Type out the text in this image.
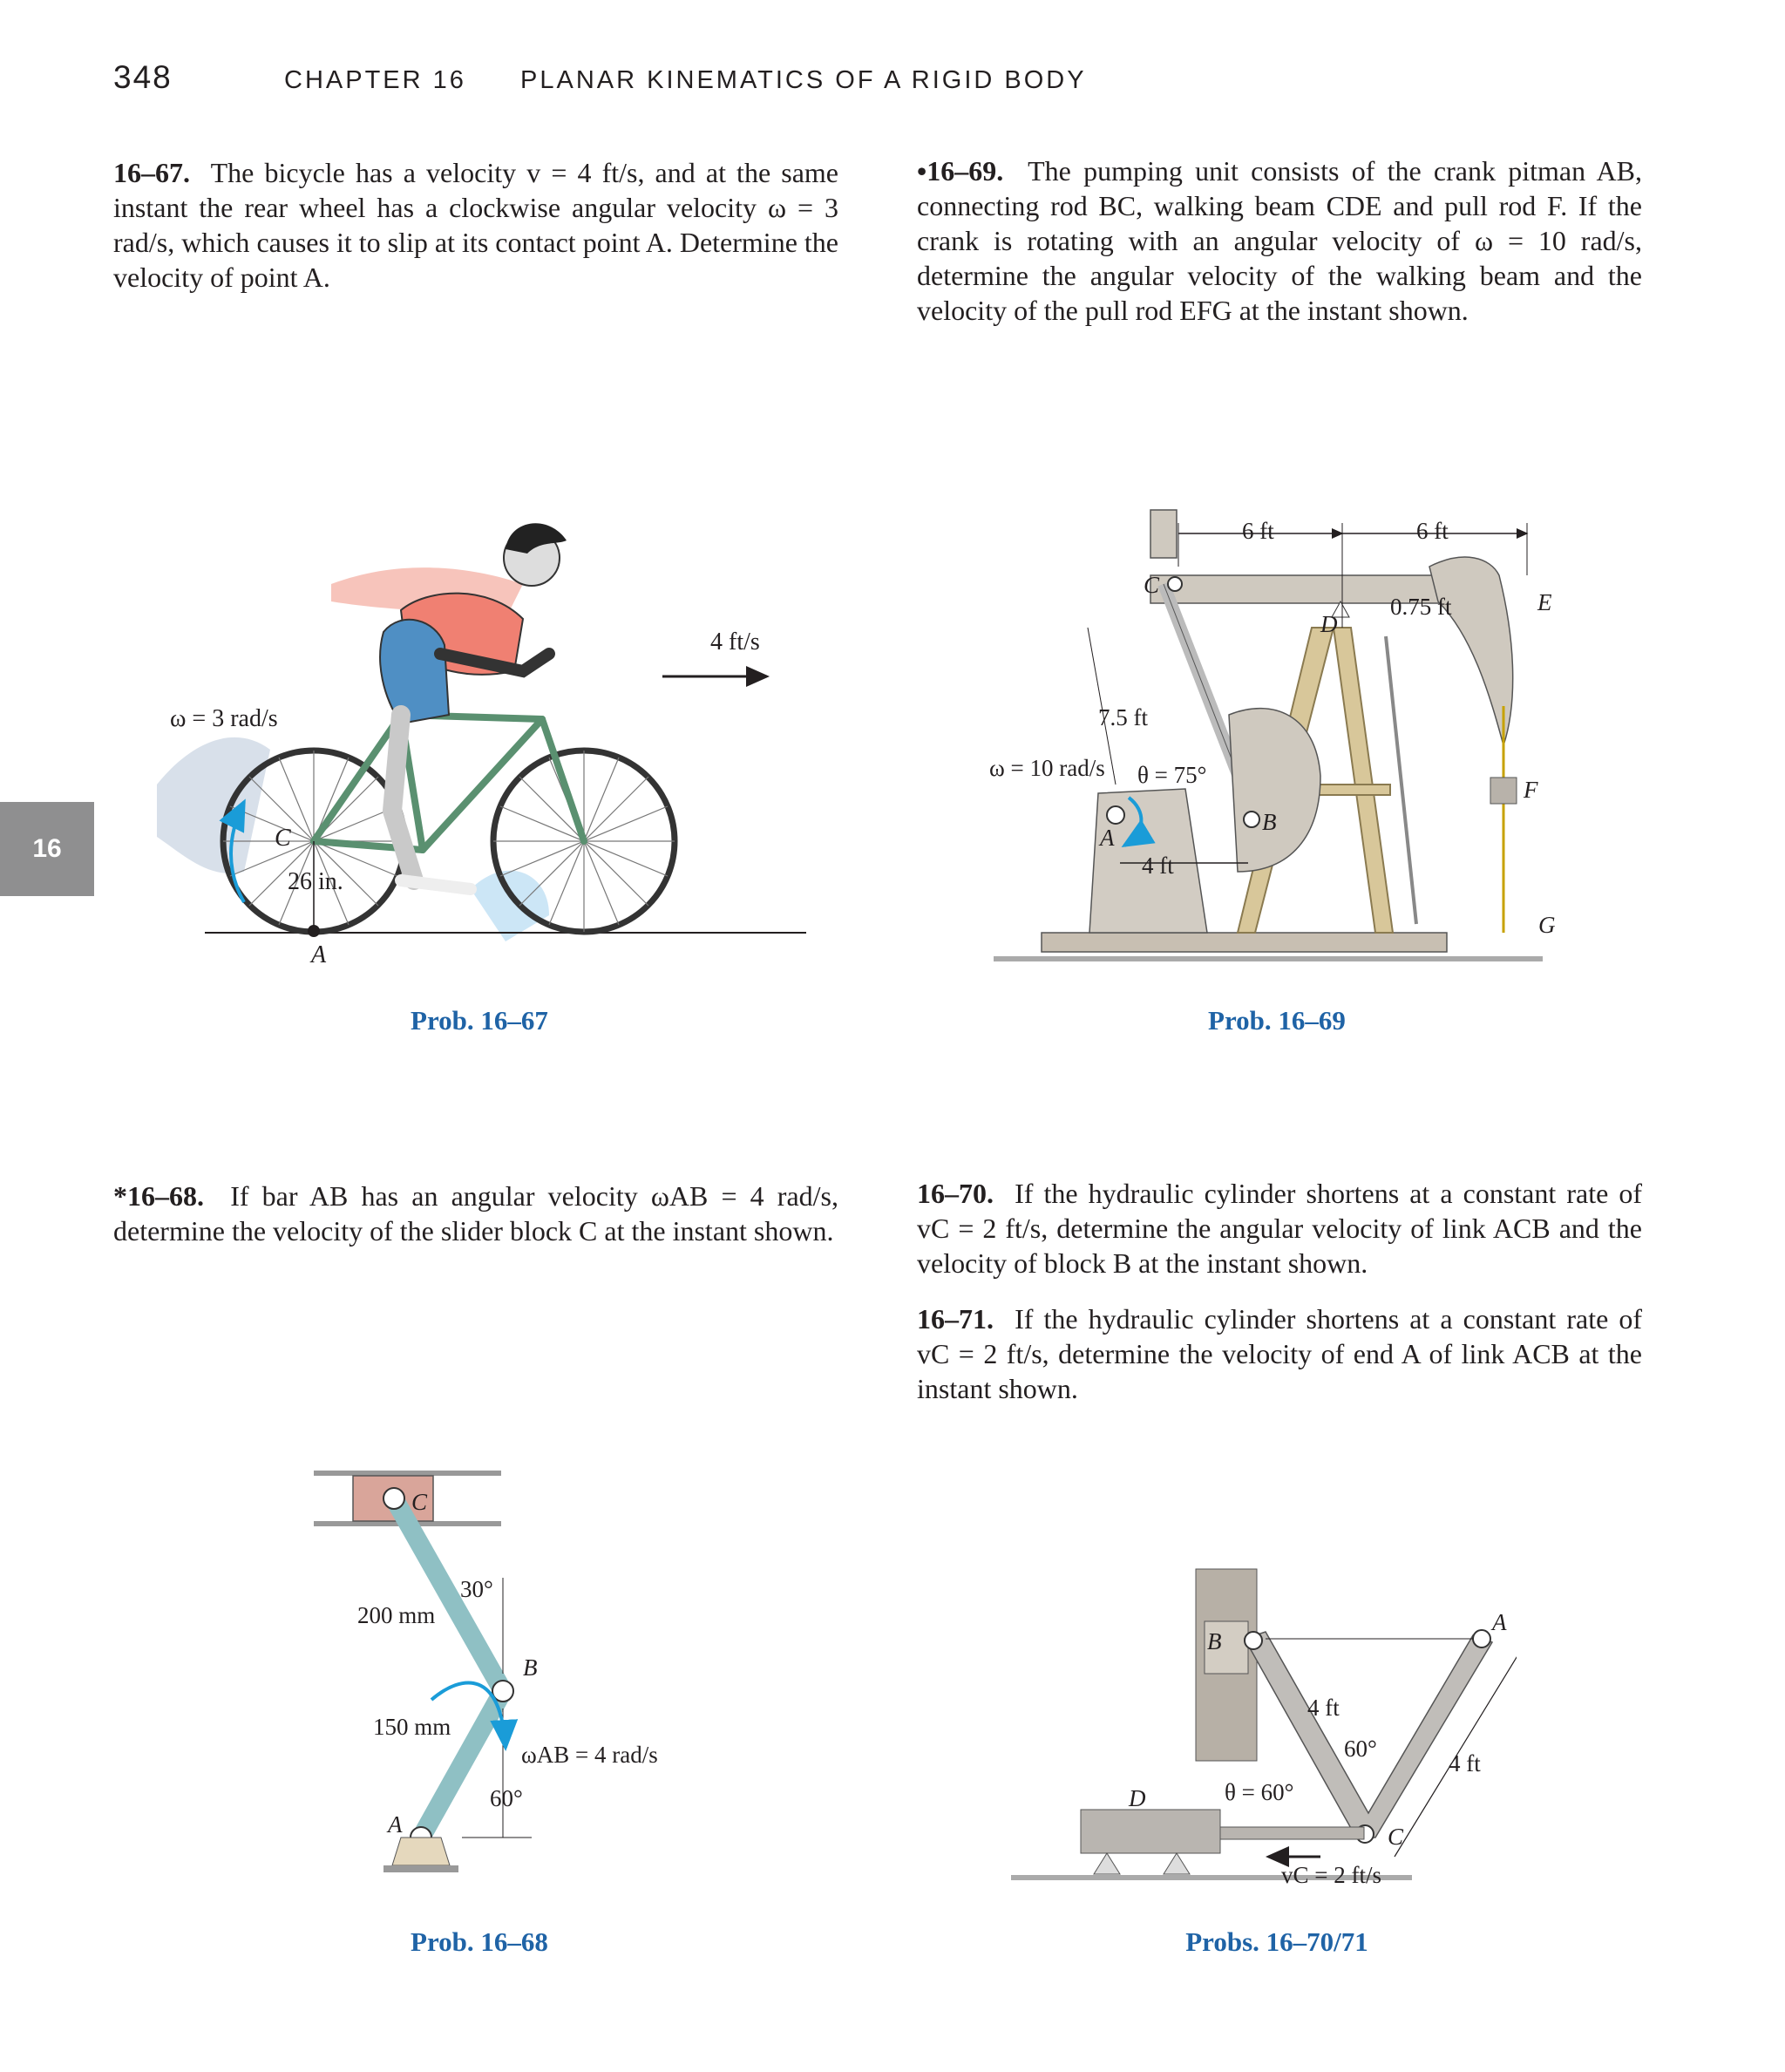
348	CHAPTER 16 PLANAR KINEMATICS OF A RIGID BODY
16
16–67. The bicycle has a velocity v = 4 ft/s, and at the same instant the rear wheel has a clockwise angular velocity ω = 3 rad/s, which causes it to slip at its contact point A. Determine the velocity of point A.
•16–69. The pumping unit consists of the crank pitman AB, connecting rod BC, walking beam CDE and pull rod F. If the crank is rotating with an angular velocity of ω = 10 rad/s, determine the angular velocity of the walking beam and the velocity of the pull rod EFG at the instant shown.
*16–68. If bar AB has an angular velocity ωAB = 4 rad/s, determine the velocity of the slider block C at the instant shown.
16–70. If the hydraulic cylinder shortens at a constant rate of vC = 2 ft/s, determine the angular velocity of link ACB and the velocity of block B at the instant shown.
16–71. If the hydraulic cylinder shortens at a constant rate of vC = 2 ft/s, determine the velocity of end A of link ACB at the instant shown.
ω = 3 rad/s
4 ft/s
C
26 in.
A
Prob. 16–67
6 ft	6 ft
0.75 ft
7.5 ft
ω = 10 rad/s θ = 75°
4 ft
A
B
C
D
E
F
G
Prob. 16–69
30°
200 mm
C
B
150 mm
ωAB = 4 rad/s
60°
A
Prob. 16–68
B
A
4 ft
60°
4 ft
θ = 60°
D
C
vC = 2 ft/s
Probs. 16–70/71
